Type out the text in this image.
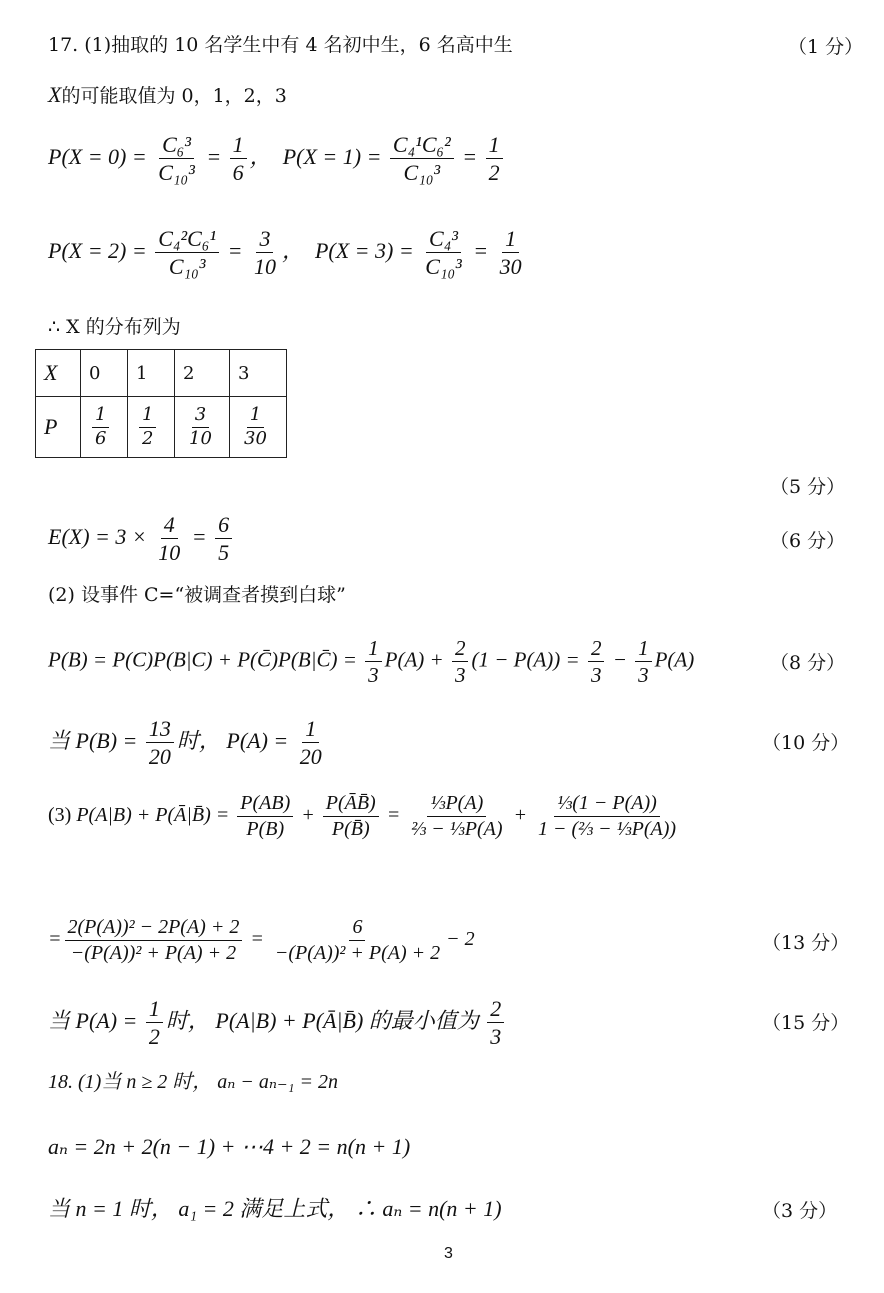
17. (1)抽取的 10 名学生中有 4 名初中生，6 名高中生	（1 分）
X的可能取值为 0，1，2，3
$P(X = 0) = \frac{\text{C₆³}}{\text{C₁₀³}} = \frac{1}{6}$ ，  $P(X = 1) = \frac{\text{C₄¹C₆²}}{\text{C₁₀³}} = \frac{1}{2}$
$P(X = 2) = \frac{\text{C₄²C₆¹}}{\text{C₁₀³}} = \frac{3}{10}$ ，  $P(X = 3) = \frac{\text{C₄³}}{\text{C₁₀³}} = \frac{1}{30}$
∴ X 的分布列为
X	0	1	2	3
P	$\frac{1}{6}$	$\frac{1}{2}$	$\frac{3}{10}$	$\frac{1}{30}$
（5 分）
$E(X) = 3 \times \frac{4}{10} = \frac{6}{5}$	（6 分）
(2) 设事件 C=“被调查者摸到白球”
P(B) = P(C)P(B|C) + P(C̄)P(B|C̄) = $\frac{1}{3} P(A) + \frac{2}{3} (1 - P(A)) = \frac{2}{3} - \frac{1}{3} P(A)$	（8 分）
当 $P(B) = \frac{13}{20}$ 时， $P(A) = \frac{1}{20}$	（10 分）
(3) P(A|B) + P(Ā|B̄) = $\frac{P(AB)}{P(B)} + \frac{P(ĀB̄)}{P(B̄)} = \frac{\text{⅓P(A)}}{\text{⅔ − ⅓P(A)}} + \frac{\text{⅓(1 − P(A))}}{\text{1 − (⅔ − ⅓P(A))}}$
= $\frac{\text{2(P(A))² − 2P(A) + 2}}{\text{−(P(A))² + P(A) + 2}} = \frac{6}{\text{−(P(A))² + P(A) + 2}} - 2$	（13 分）
当 $P(A) = \frac{1}{2}$ 时， P(A|B) + P(Ā|B̄) 的最小值为 $\frac{2}{3}$	（15 分）
18. (1)当 n ≥ 2 时， aₙ − aₙ₋₁ = 2n
aₙ = 2n + 2(n − 1) + ⋯4 + 2 = n(n + 1)
当 n = 1 时， a₁ = 2 满足上式， ∴ aₙ = n(n + 1)	（3 分）
3
